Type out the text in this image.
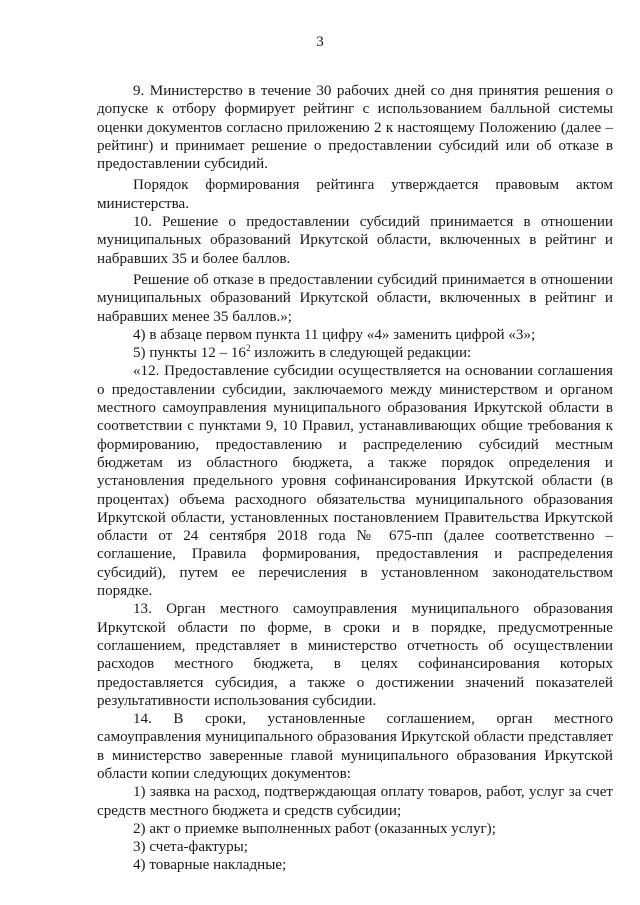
3

9. Министерство в течение 30 рабочих дней со дня принятия решения о допуске к отбору формирует рейтинг с использованием балльной системы оценки документов согласно приложению 2 к настоящему Положению (далее – рейтинг) и принимает решение о предоставлении субсидий или об отказе в предоставлении субсидий.

Порядок формирования рейтинга утверждается правовым актом министерства.

10. Решение о предоставлении субсидий принимается в отношении муниципальных образований Иркутской области, включенных в рейтинг и набравших 35 и более баллов.

Решение об отказе в предоставлении субсидий принимается в отношении муниципальных образований Иркутской области, включенных в рейтинг и набравших менее 35 баллов.»;

4) в абзаце первом пункта 11 цифру «4» заменить цифрой «3»;

5) пункты $12 - 16^2$ изложить в следующей редакции:

«12. Предоставление субсидии осуществляется на основании соглашения о предоставлении субсидии, заключаемого между министерством и органом местного самоуправления муниципального образования Иркутской области в соответствии с пунктами 9, 10 Правил, устанавливающих общие требования к формированию, предоставлению и распределению субсидий местным бюджетам из областного бюджета, а также порядок определения и установления предельного уровня софинансирования Иркутской области (в процентах) объема расходного обязательства муниципального образования Иркутской области, установленных постановлением Правительства Иркутской области от 24 сентября 2018 года № 675-пп (далее соответственно – соглашение, Правила формирования, предоставления и распределения субсидий), путем ее перечисления в установленном законодательством порядке.

13. Орган местного самоуправления муниципального образования Иркутской области по форме, в сроки и в порядке, предусмотренные соглашением, представляет в министерство отчетность об осуществлении расходов местного бюджета, в целях софинансирования которых предоставляется субсидия, а также о достижении значений показателей результативности использования субсидии.

14. В сроки, установленные соглашением, орган местного самоуправления муниципального образования Иркутской области представляет в министерство заверенные главой муниципального образования Иркутской области копии следующих документов:

1) заявка на расход, подтверждающая оплату товаров, работ, услуг за счет средств местного бюджета и средств субсидии;

2) акт о приемке выполненных работ (оказанных услуг);

3) счета-фактуры;

4) товарные накладные;
